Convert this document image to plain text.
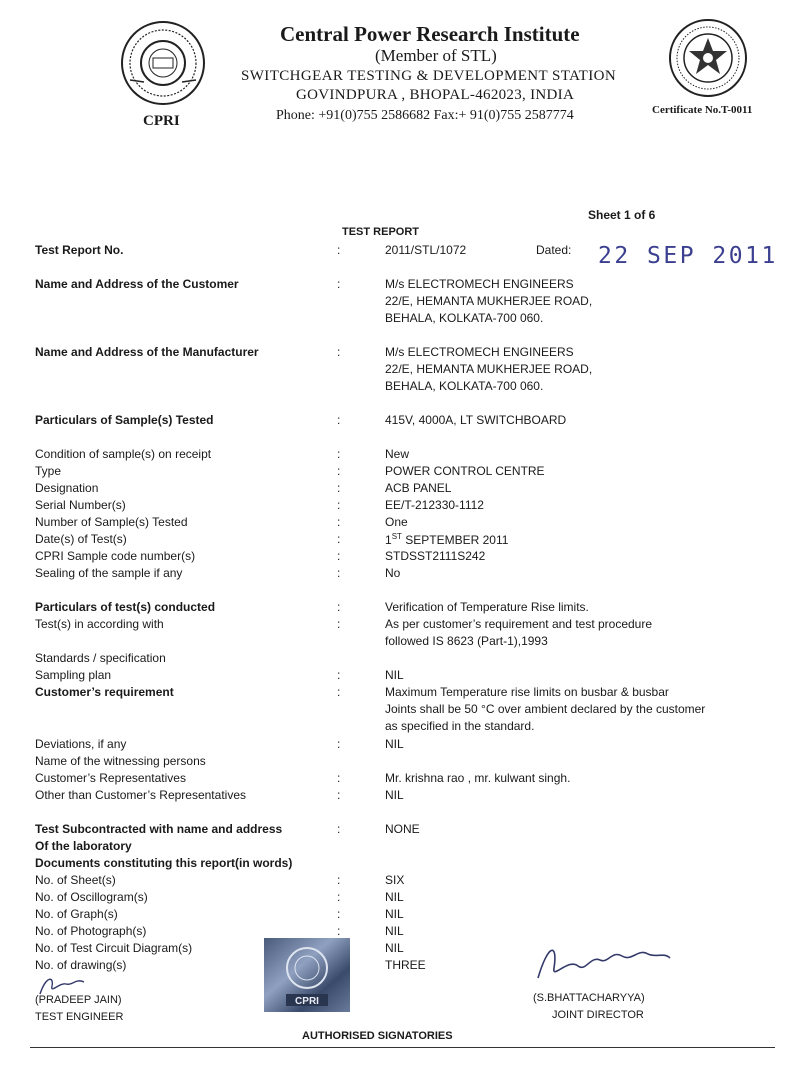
CPRI
Certificate No.T-0011
Central Power Research Institute
(Member of STL)
SWITCHGEAR TESTING & DEVELOPMENT STATION
GOVINDPURA , BHOPAL-462023, INDIA
Phone: +91(0)755 2586682 Fax:+ 91(0)755 2587774
Sheet 1 of 6
TEST REPORT
Test Report No.	:	2011/STL/1072	Dated: 22 SEP 2011
Name and Address of the Customer	:	M/s ELECTROMECH ENGINEERS
22/E, HEMANTA MUKHERJEE ROAD,
BEHALA, KOLKATA-700 060.
Name and Address of the Manufacturer	:	M/s ELECTROMECH ENGINEERS
22/E, HEMANTA MUKHERJEE ROAD,
BEHALA, KOLKATA-700 060.
Particulars of Sample(s) Tested	:	415V, 4000A, LT SWITCHBOARD
Condition of sample(s) on receipt	:	New
Type	:	POWER CONTROL CENTRE
Designation	:	ACB PANEL
Serial Number(s)	:	EE/T-212330-1112
Number of Sample(s) Tested	:	One
Date(s) of Test(s)	:	1ST SEPTEMBER 2011
CPRI Sample code number(s)	:	STDSST2111S242
Sealing of the sample if any	:	No
Particulars of test(s) conducted	:	Verification of Temperature Rise limits.
Test(s) in according with	:	As per customer’s requirement and test procedure
followed IS 8623 (Part-1),1993
Standards / specification
Sampling plan	:	NIL
Customer’s requirement	:	Maximum Temperature rise limits on busbar & busbar
Joints shall be 50 °C over ambient declared by the customer
as specified in the standard.
Deviations, if any	:	NIL
Name of the witnessing persons
Customer’s Representatives	:	Mr. krishna rao , mr. kulwant singh.
Other than Customer’s Representatives	:	NIL
Test Subcontracted with name and address	:	NONE
Of the laboratory
Documents constituting this report(in words)
No. of Sheet(s)	:	SIX
No. of Oscillogram(s)	:	NIL
No. of Graph(s)	:	NIL
No. of Photograph(s)	:	NIL
No. of Test Circuit Diagram(s)	NIL
No. of drawing(s)	THREE
CPRI
(PRADEEP JAIN)
TEST ENGINEER
(S.BHATTACHARYYA)
JOINT DIRECTOR
AUTHORISED SIGNATORIES
